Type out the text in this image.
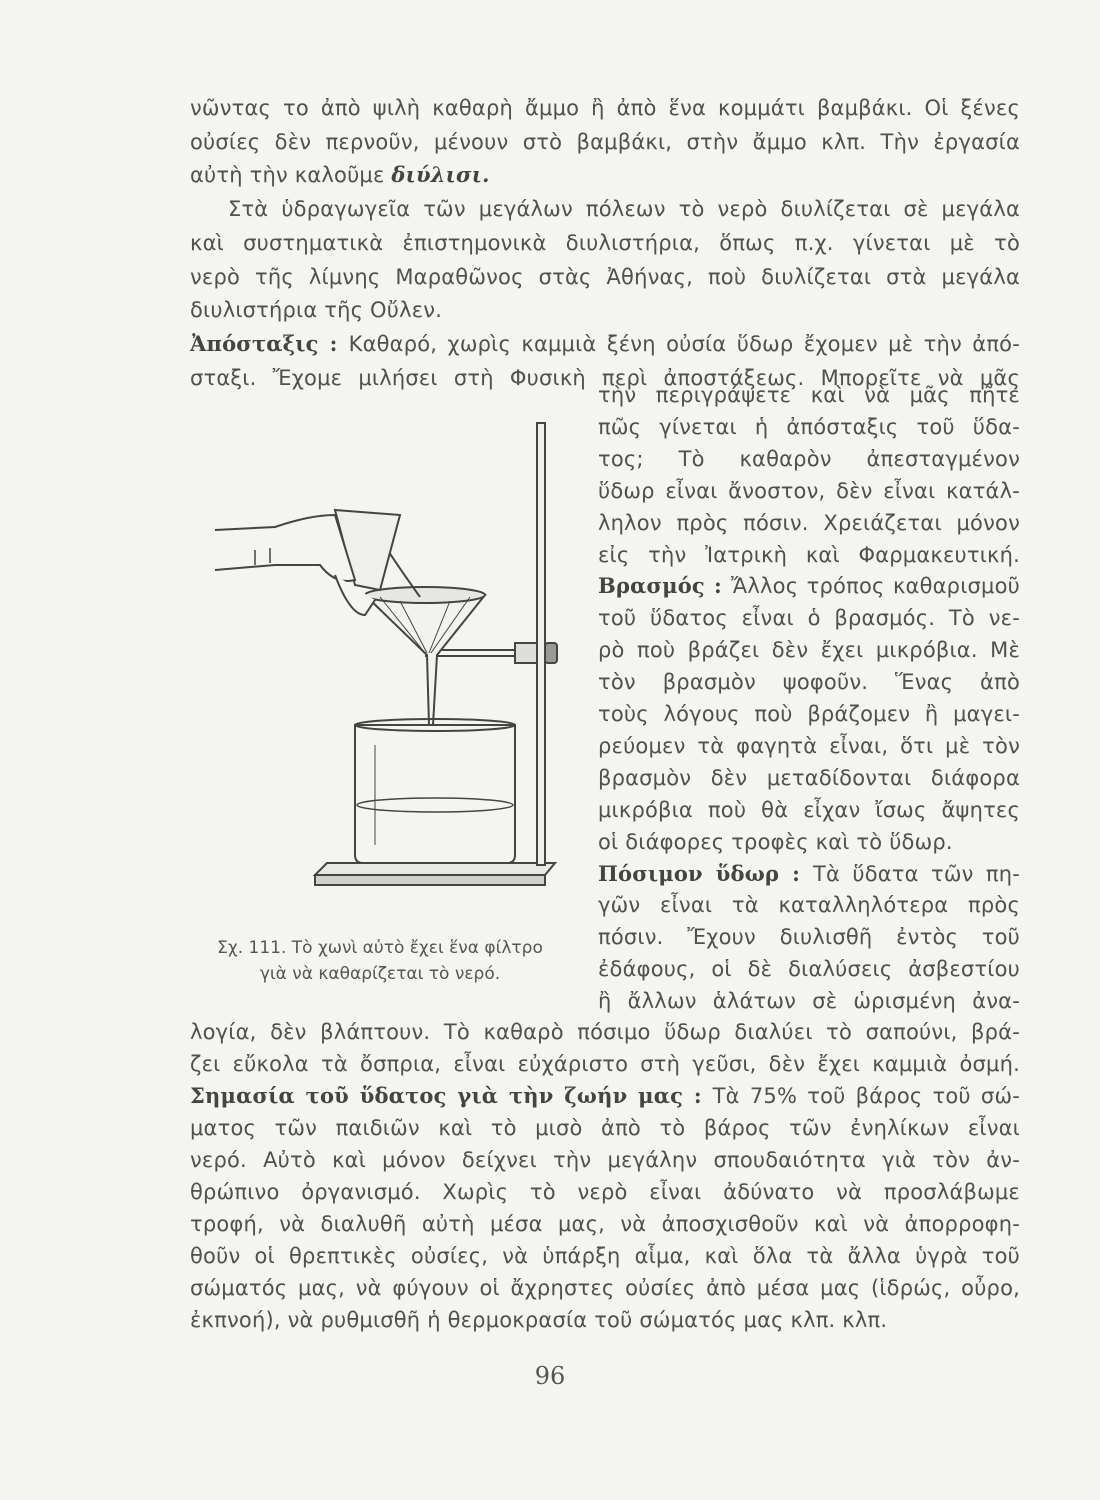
νῶντας το ἀπὸ ψιλὴ καθαρὴ ἄμμο ἢ ἀπὸ ἕνα κομμάτι βαμβάκι. Οἱ ξένες
οὐσίες δὲν περνοῦν, μένουν στὸ βαμβάκι, στὴν ἄμμο κλπ. Τὴν ἐργασία
αὐτὴ τὴν καλοῦμε διύλισι.
Στὰ ὑδραγωγεῖα τῶν μεγάλων πόλεων τὸ νερὸ διυλίζεται σὲ μεγάλα
καὶ συστηματικὰ ἐπιστημονικὰ διυλιστήρια, ὅπως π.χ. γίνεται μὲ τὸ
νερὸ τῆς λίμνης Μαραθῶνος στὰς Ἀθήνας, ποὺ διυλίζεται στὰ μεγάλα
διυλιστήρια τῆς Οὔλεν.
Ἀπόσταξις : Καθαρό, χωρὶς καμμιὰ ξένη οὐσία ὕδωρ ἔχομεν μὲ τὴν ἀπό-
σταξι. Ἔχομε μιλήσει στὴ Φυσικὴ περὶ ἀποστάξεως. Μπορεῖτε νὰ μᾶς
τὴν περιγράψετε καὶ νὰ μᾶς πῆτε
πῶς γίνεται ἡ ἀπόσταξις τοῦ ὕδα-
τος; Τὸ καθαρὸν ἀπεσταγμένον
ὕδωρ εἶναι ἄνοστον, δὲν εἶναι κατάλ-
ληλον πρὸς πόσιν. Χρειάζεται μόνον
εἰς τὴν Ἰατρικὴ καὶ Φαρμακευτική.
Βρασμός : Ἄλλος τρόπος καθαρισμοῦ
τοῦ ὕδατος εἶναι ὁ βρασμός. Τὸ νε-
ρὸ ποὺ βράζει δὲν ἔχει μικρόβια. Μὲ
τὸν βρασμὸν ψοφοῦν. Ἕνας ἀπὸ
τοὺς λόγους ποὺ βράζομεν ἢ μαγει-
ρεύομεν τὰ φαγητὰ εἶναι, ὅτι μὲ τὸν
βρασμὸν δὲν μεταδίδονται διάφορα
μικρόβια ποὺ θὰ εἶχαν ἴσως ἄψητες
οἱ διάφορες τροφὲς καὶ τὸ ὕδωρ.
Πόσιμον ὕδωρ : Τὰ ὕδατα τῶν πη-
γῶν εἶναι τὰ καταλληλότερα πρὸς
πόσιν. Ἔχουν διυλισθῆ ἐντὸς τοῦ
ἐδάφους, οἱ δὲ διαλύσεις ἀσβεστίου
ἢ ἄλλων ἁλάτων σὲ ὡρισμένη ἀνα-
λογία, δὲν βλάπτουν. Τὸ καθαρὸ πόσιμο ὕδωρ διαλύει τὸ σαπούνι, βρά-
ζει εὔκολα τὰ ὄσπρια, εἶναι εὐχάριστο στὴ γεῦσι, δὲν ἔχει καμμιὰ ὀσμή.
Σημασία τοῦ ὕδατος γιὰ τὴν ζωήν μας : Τὰ 75% τοῦ βάρος τοῦ σώ-
ματος τῶν παιδιῶν καὶ τὸ μισὸ ἀπὸ τὸ βάρος τῶν ἐνηλίκων εἶναι
νερό. Αὐτὸ καὶ μόνον δείχνει τὴν μεγάλην σπουδαιότητα γιὰ τὸν ἀν-
θρώπινο ὀργανισμό. Χωρὶς τὸ νερὸ εἶναι ἀδύνατο νὰ προσλάβωμε
τροφή, νὰ διαλυθῆ αὐτὴ μέσα μας, νὰ ἀποσχισθοῦν καὶ νὰ ἀπορροφη-
θοῦν οἱ θρεπτικὲς οὐσίες, νὰ ὑπάρξη αἷμα, καὶ ὅλα τὰ ἄλλα ὑγρὰ τοῦ
σώματός μας, νὰ φύγουν οἱ ἄχρηστες οὐσίες ἀπὸ μέσα μας (ἱδρώς, οὖρο,
ἐκπνοή), νὰ ρυθμισθῆ ἡ θερμοκρασία τοῦ σώματός μας κλπ. κλπ.
Σχ. 111. Τὸ χωνὶ αὐτὸ ἔχει ἕνα φίλτρο
γιὰ νὰ καθαρίζεται τὸ νερό.
96
